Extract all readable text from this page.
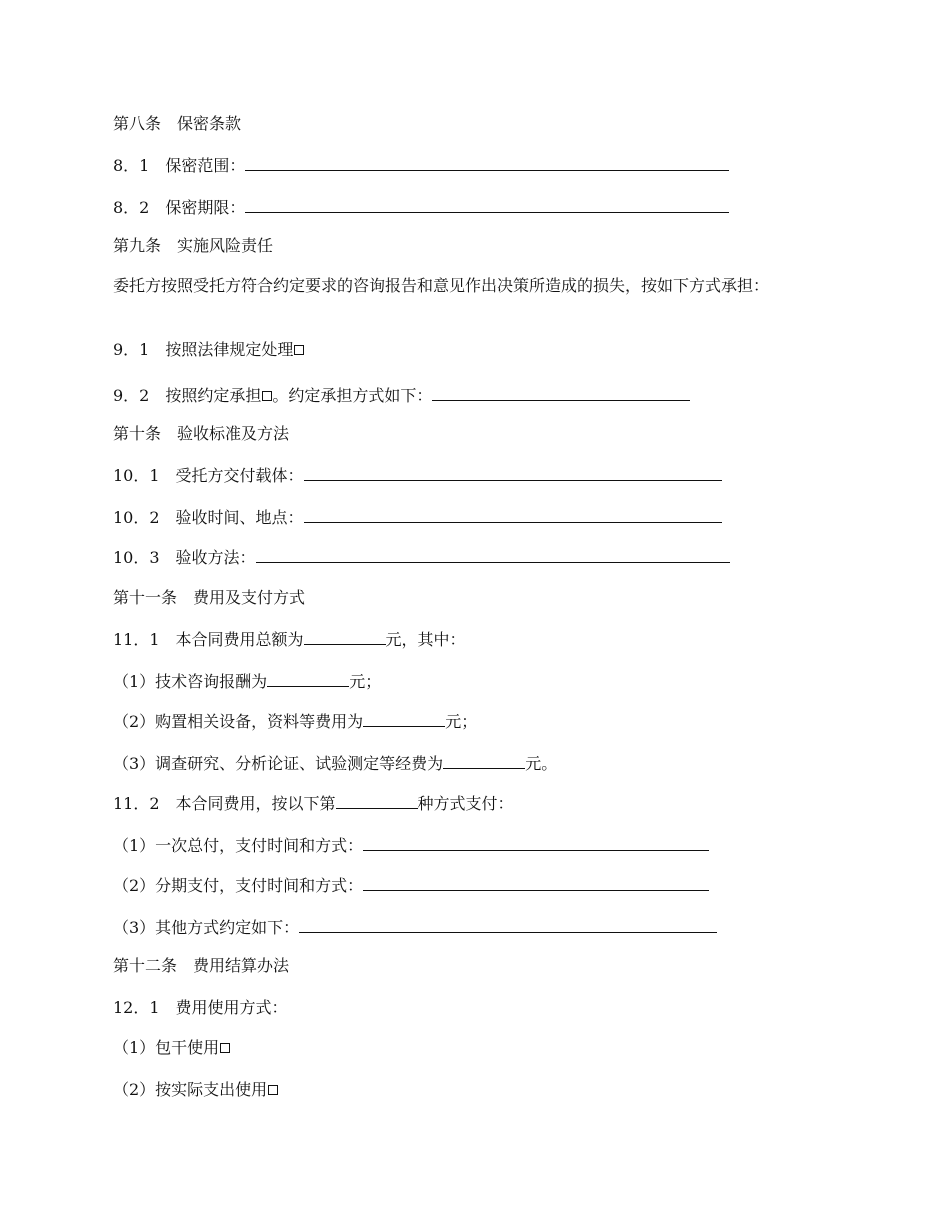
第八条　保密条款
8．1　保密范围：
8．2　保密期限：
第九条　实施风险责任
委托方按照受托方符合约定要求的咨询报告和意见作出决策所造成的损失，按如下方式承担：
9．1　按照法律规定处理
9．2　按照约定承担 。约定承担方式如下：
第十条　验收标准及方法
10．1　受托方交付载体：
10．2　验收时间、地点：
10．3　验收方法：
第十一条　费用及支付方式
11．1　本合同费用总额为	元，其中：
（1）技术咨询报酬为	元；
（2）购置相关设备，资料等费用为	元；
（3）调查研究、分析论证、试验测定等经费为	元。
11．2　本合同费用，按以下第	种方式支付：
（1）一次总付，支付时间和方式：
（2）分期支付，支付时间和方式：
（3）其他方式约定如下：
第十二条　费用结算办法
12．1　费用使用方式：
（1）包干使用
（2）按实际支出使用
